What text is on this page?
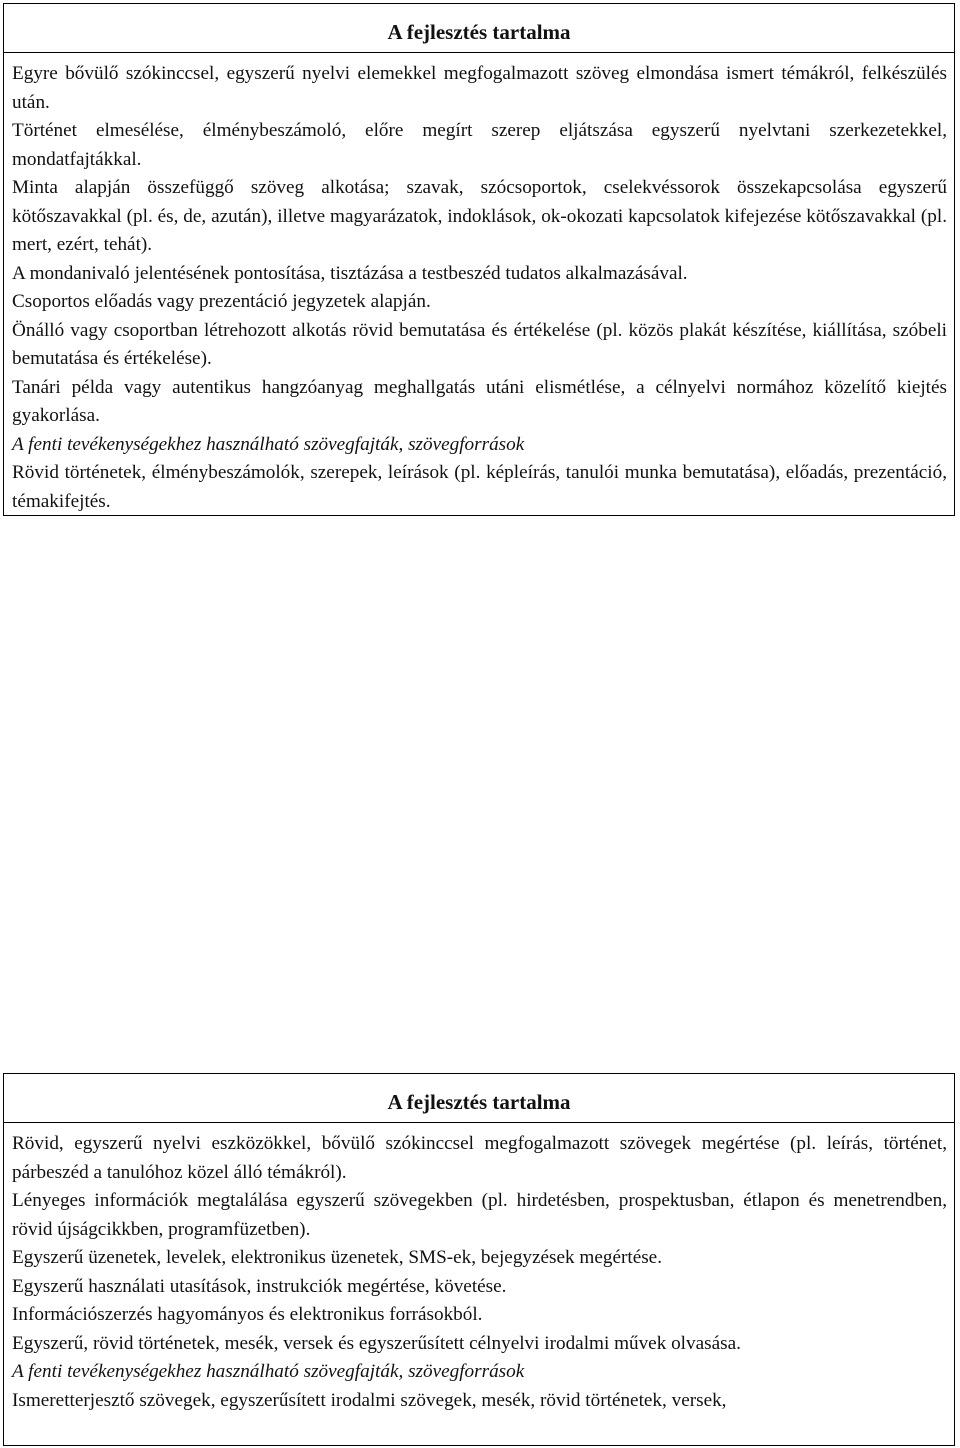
A fejlesztés tartalma

Egyre bővülő szókinccsel, egyszerű nyelvi elemekkel megfogalmazott szöveg elmondása ismert témákról, felkészülés után.

Történet elmesélése, élménybeszámoló, előre megírt szerep eljátszása egyszerű nyelvtani szerkezetekkel, mondatfajtákkal.

Minta alapján összefüggő szöveg alkotása; szavak, szócsoportok, cselekvéssorok összekapcsolása egyszerű kötőszavakkal (pl. és, de, azután), illetve magyarázatok, indoklások, ok-okozati kapcsolatok kifejezése kötőszavakkal (pl. mert, ezért, tehát).

A mondanivaló jelentésének pontosítása, tisztázása a testbeszéd tudatos alkalmazásával.

Csoportos előadás vagy prezentáció jegyzetek alapján.

Önálló vagy csoportban létrehozott alkotás rövid bemutatása és értékelése (pl. közös plakát készítése, kiállítása, szóbeli bemutatása és értékelése).

Tanári példa vagy autentikus hangzóanyag meghallgatás utáni elismétlése, a célnyelvi normához közelítő kiejtés gyakorlása.

A fenti tevékenységekhez használható szövegfajták, szövegforrások

Rövid történetek, élménybeszámolók, szerepek, leírások (pl. képleírás, tanulói munka bemutatása), előadás, prezentáció, témakifejtés.

A fejlesztés tartalma

Rövid, egyszerű nyelvi eszközökkel, bővülő szókinccsel megfogalmazott szövegek megértése (pl. leírás, történet, párbeszéd a tanulóhoz közel álló témákról).

Lényeges információk megtalálása egyszerű szövegekben (pl. hirdetésben, prospektusban, étlapon és menetrendben, rövid újságcikkben, programfüzetben).

Egyszerű üzenetek, levelek, elektronikus üzenetek, SMS-ek, bejegyzések megértése.

Egyszerű használati utasítások, instrukciók megértése, követése.

Információszerzés hagyományos és elektronikus forrásokból.

Egyszerű, rövid történetek, mesék, versek és egyszerűsített célnyelvi irodalmi művek olvasása.

A fenti tevékenységekhez használható szövegfajták, szövegforrások

Ismeretterjesztő szövegek, egyszerűsített irodalmi szövegek, mesék, rövid történetek, versek,
